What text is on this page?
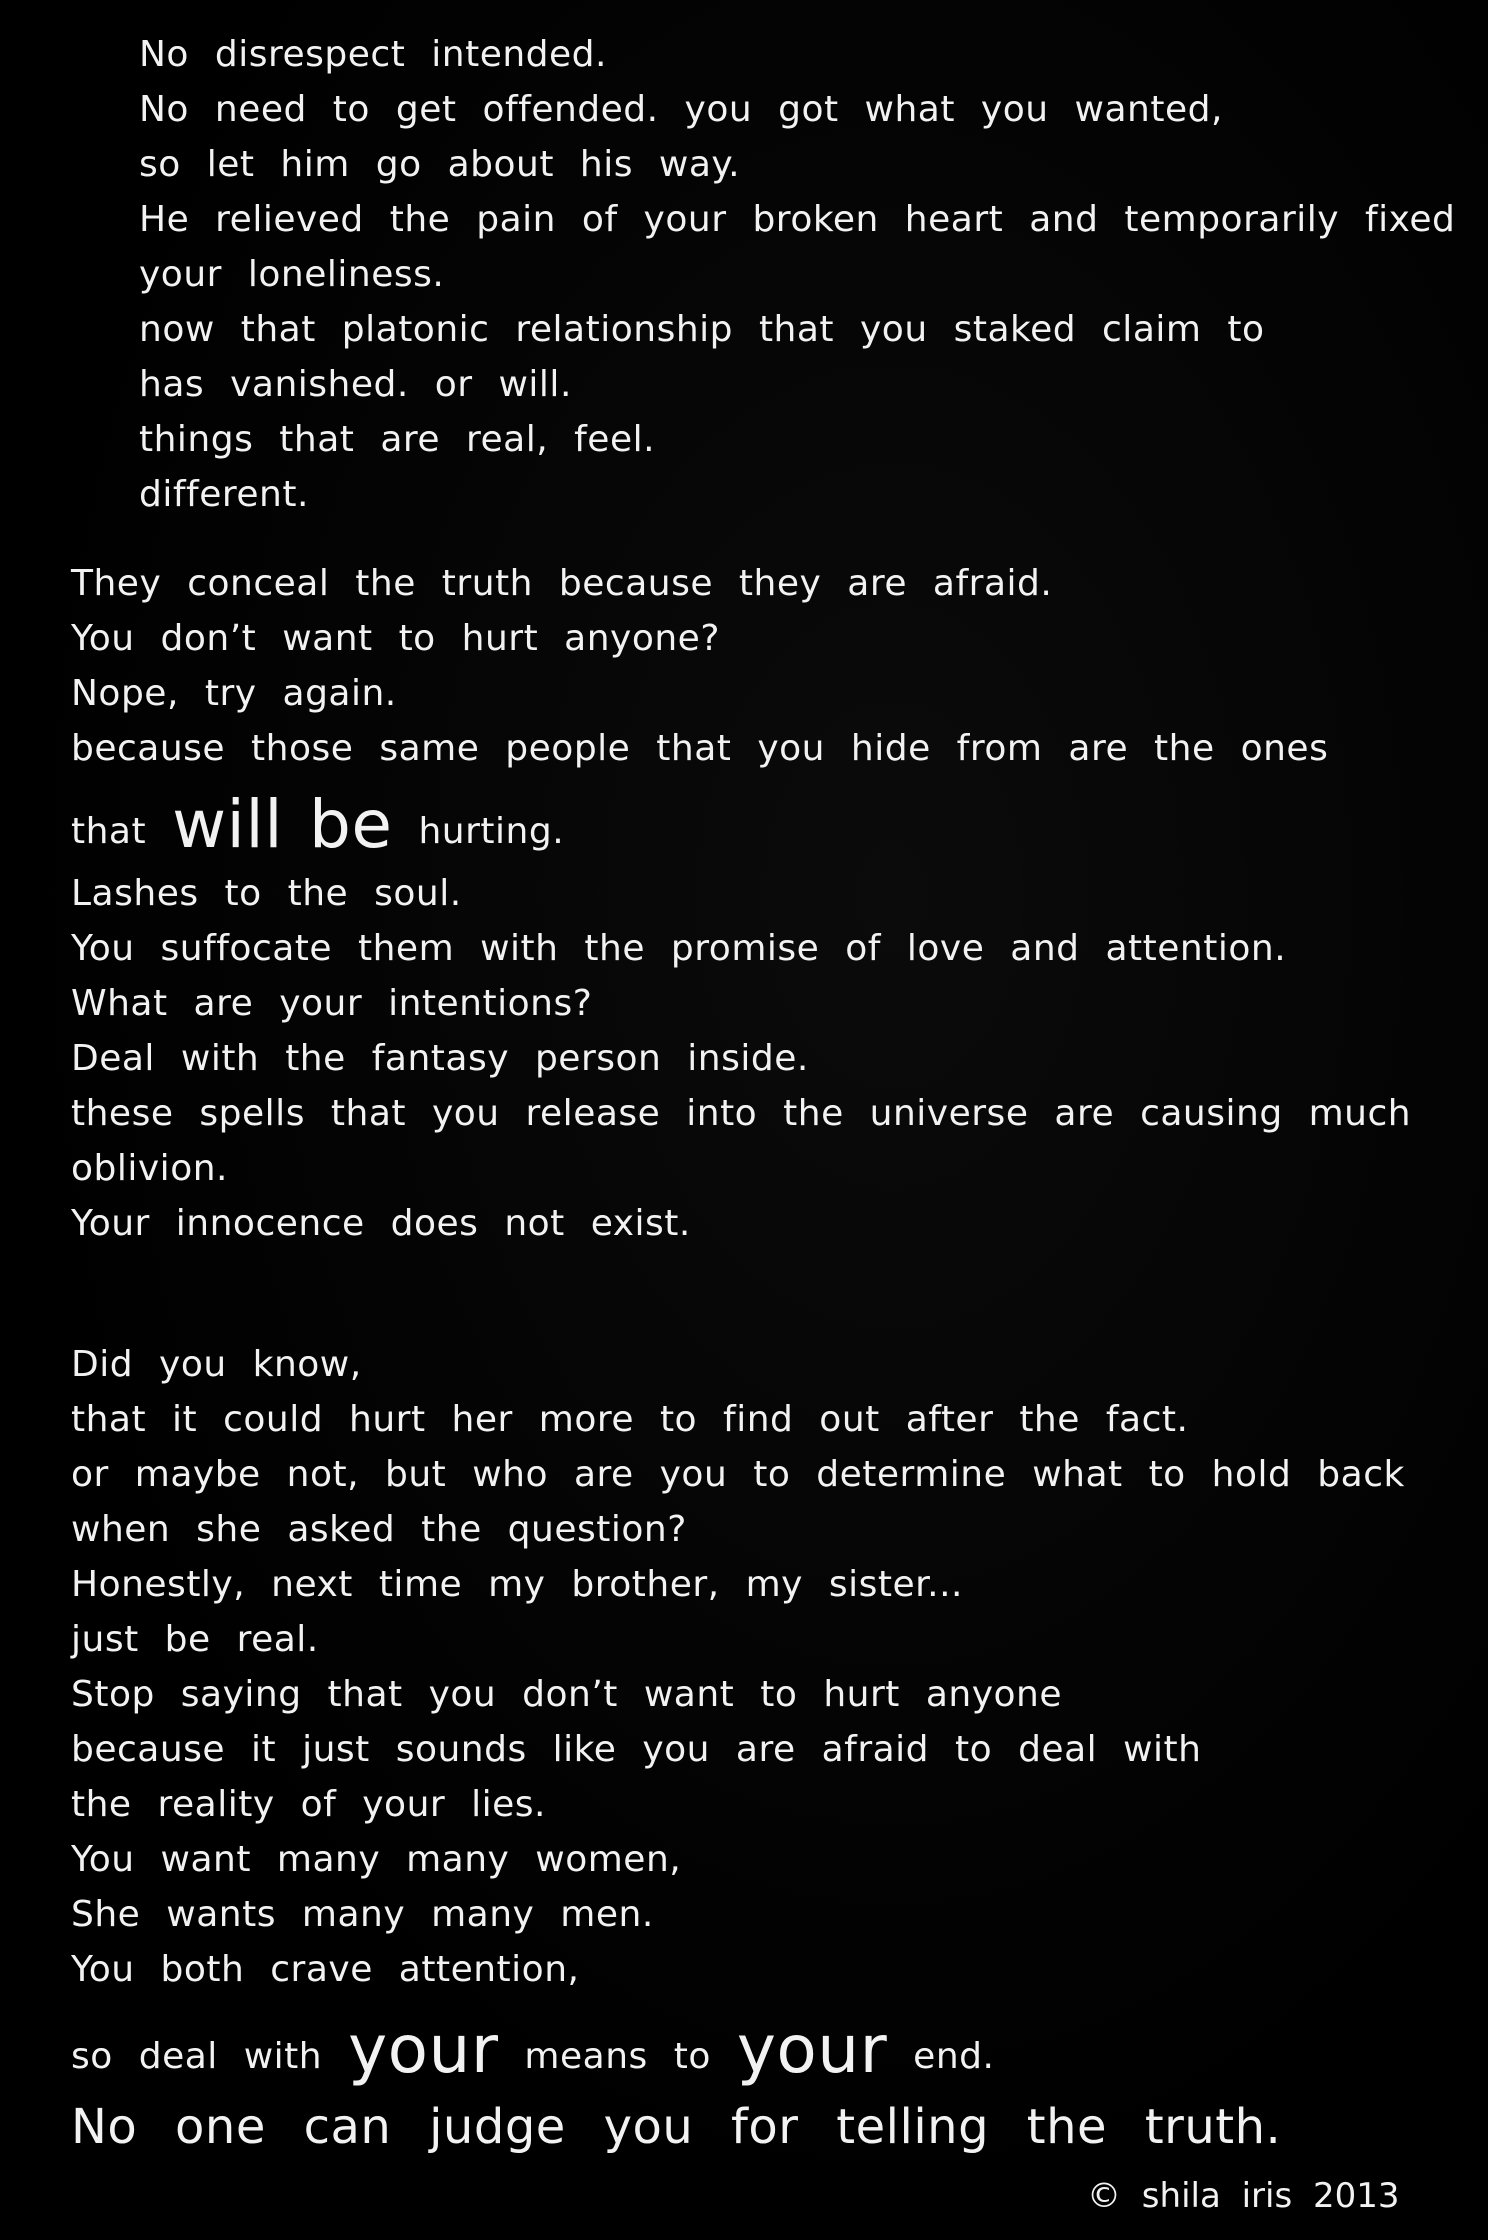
No disrespect intended.
No need to get offended. you got what you wanted,
so let him go about his way.
He relieved the pain of your broken heart and temporarily fixed
your loneliness.
now that platonic relationship that you staked claim to
has vanished. or will.
things that are real, feel.
different.
They conceal the truth because they are afraid.
You don’t want to hurt anyone?
Nope, try again.
because those same people that you hide from are the ones
that will be hurting.
Lashes to the soul.
You suffocate them with the promise of love and attention.
What are your intentions?
Deal with the fantasy person inside.
these spells that you release into the universe are causing much
oblivion.
Your innocence does not exist.
Did you know,
that it could hurt her more to find out after the fact.
or maybe not, but who are you to determine what to hold back
when she asked the question?
Honestly, next time my brother, my sister...
just be real.
Stop saying that you don’t want to hurt anyone
because it just sounds like you are afraid to deal with
the reality of your lies.
You want many many women,
She wants many many men.
You both crave attention,
so deal with your means to your end.
No one can judge you for telling the truth.
© shila iris 2013
